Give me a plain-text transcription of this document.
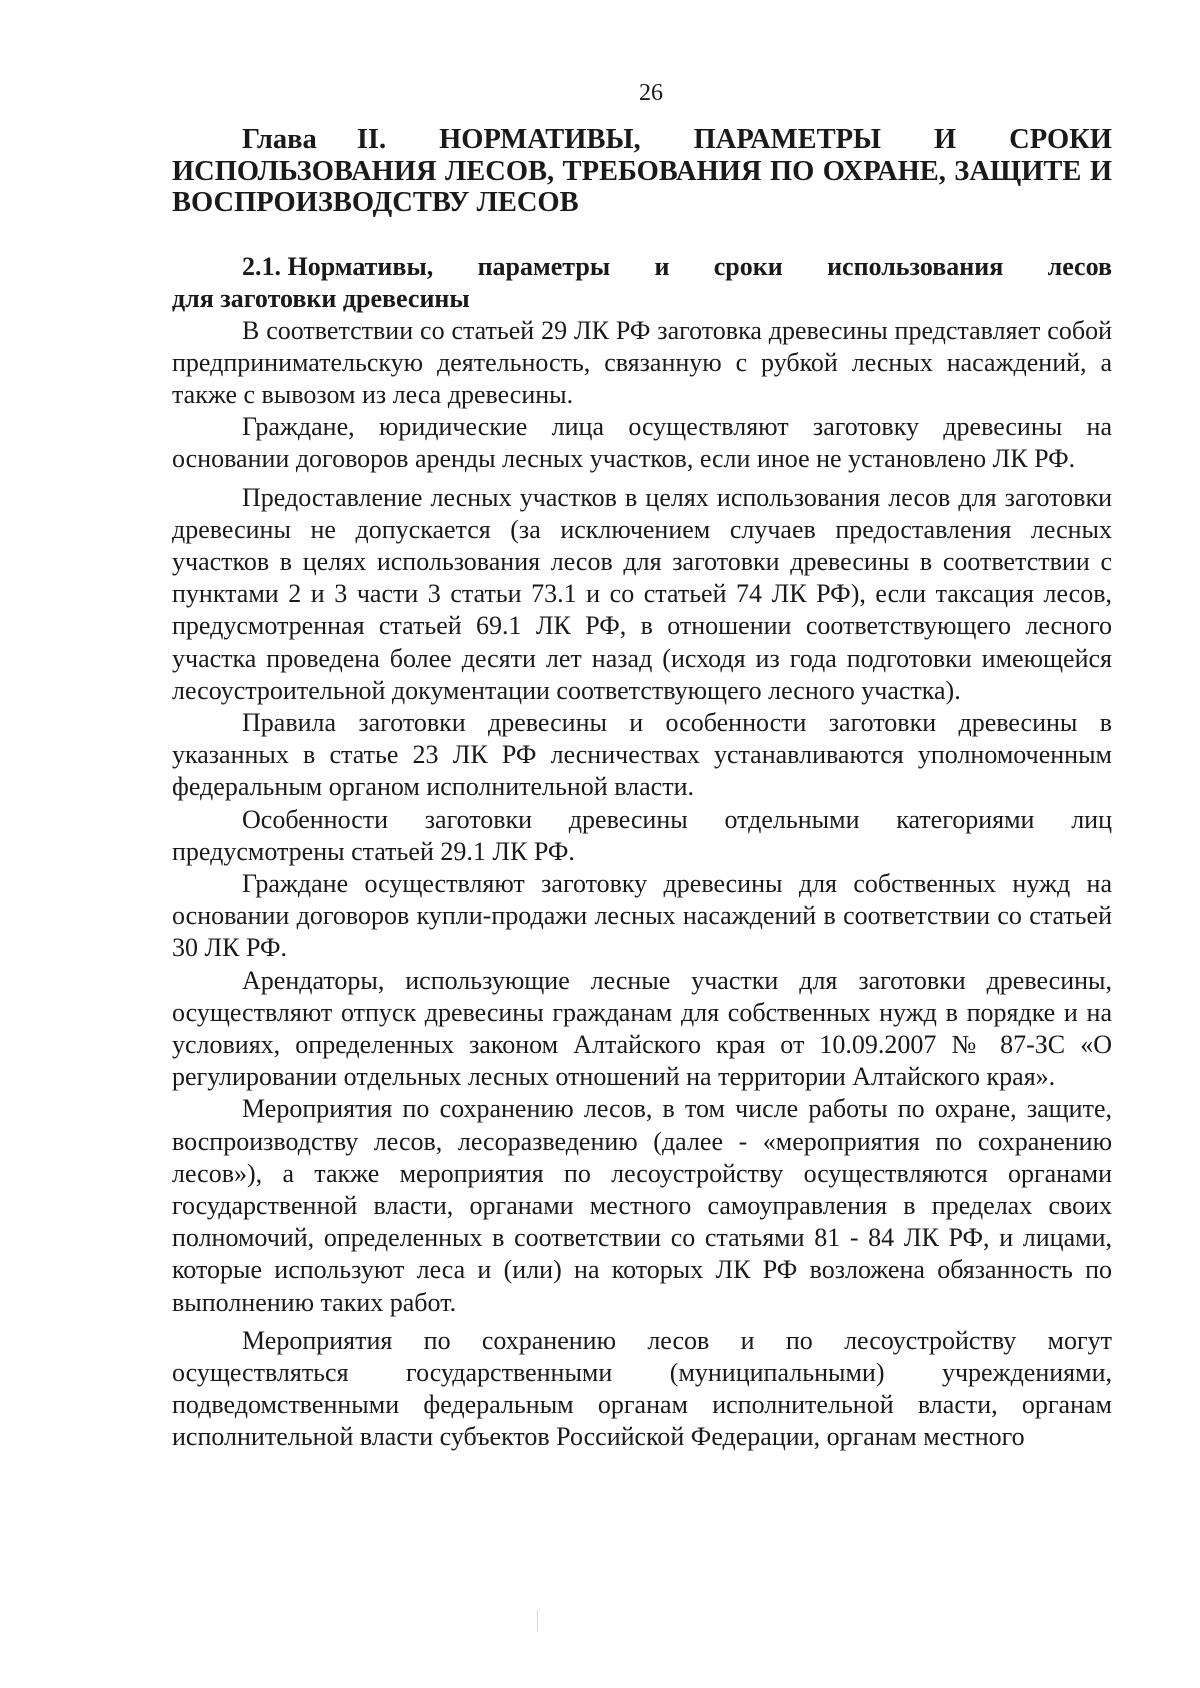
26
Глава II. НОРМАТИВЫ, ПАРАМЕТРЫ И СРОКИ
ИСПОЛЬЗОВАНИЯ ЛЕСОВ, ТРЕБОВАНИЯ ПО ОХРАНЕ, ЗАЩИТЕ И ВОСПРОИЗВОДСТВУ ЛЕСОВ
2.1. Нормативы, параметры и сроки использования лесов
для заготовки древесины

В соответствии со статьей 29 ЛК РФ заготовка древесины представляет собой предпринимательскую деятельность, связанную с рубкой лесных насаждений, а также с вывозом из леса древесины.

Граждане, юридические лица осуществляют заготовку древесины на основании договоров аренды лесных участков, если иное не установлено ЛК РФ.

Предоставление лесных участков в целях использования лесов для заготовки древесины не допускается (за исключением случаев предоставления лесных участков в целях использования лесов для заготовки древесины в соответствии с пунктами 2 и 3 части 3 статьи 73.1 и со статьей 74 ЛК РФ), если таксация лесов, предусмотренная статьей 69.1 ЛК РФ, в отношении соответствующего лесного участка проведена более десяти лет назад (исходя из года подготовки имеющейся лесоустроительной документации соответствующего лесного участка).

Правила заготовки древесины и особенности заготовки древесины в указанных в статье 23 ЛК РФ лесничествах устанавливаются уполномоченным федеральным органом исполнительной власти.

Особенности заготовки древесины отдельными категориями лиц предусмотрены статьей 29.1 ЛК РФ.

Граждане осуществляют заготовку древесины для собственных нужд на основании договоров купли-продажи лесных насаждений в соответствии со статьей 30 ЛК РФ.

Арендаторы, использующие лесные участки для заготовки древесины, осуществляют отпуск древесины гражданам для собственных нужд в порядке и на условиях, определенных законом Алтайского края от 10.09.2007 № 87-ЗС «О регулировании отдельных лесных отношений на территории Алтайского края».

Мероприятия по сохранению лесов, в том числе работы по охране, защите, воспроизводству лесов, лесоразведению (далее - «мероприятия по сохранению лесов»), а также мероприятия по лесоустройству осуществляются органами государственной власти, органами местного самоуправления в пределах своих полномочий, определенных в соответствии со статьями 81 - 84 ЛК РФ, и лицами, которые используют леса и (или) на которых ЛК РФ возложена обязанность по выполнению таких работ.

Мероприятия по сохранению лесов и по лесоустройству могут осуществляться государственными (муниципальными) учреждениями, подведомственными федеральным органам исполнительной власти, органам исполнительной власти субъектов Российской Федерации, органам местного
